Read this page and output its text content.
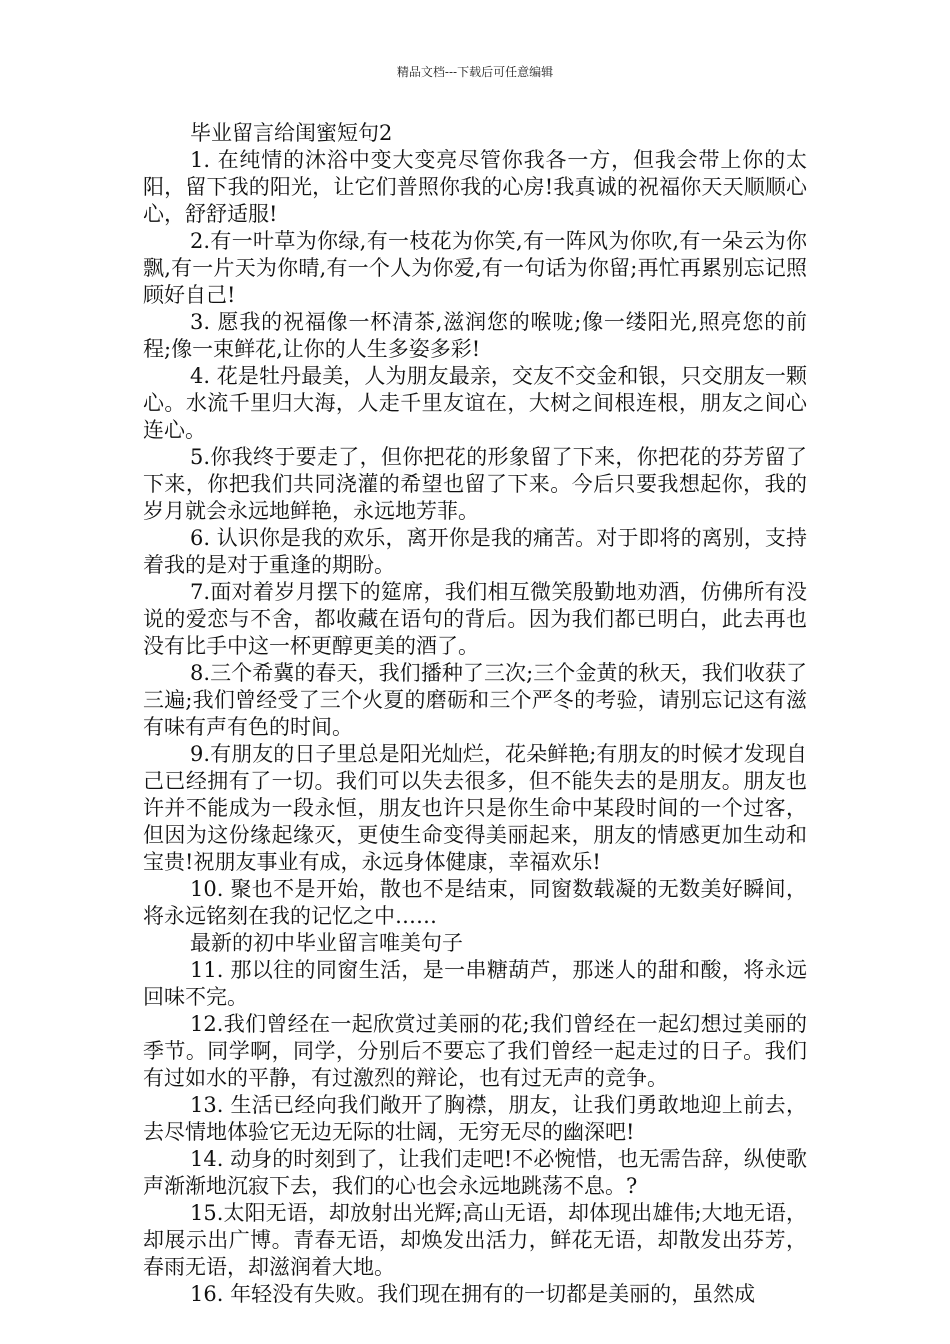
精品文档---下载后可任意编辑

毕业留言给闺蜜短句2

1. 在纯情的沐浴中变大变亮尽管你我各一方，但我会带上你的太阳，留下我的阳光，让它们普照你我的心房!我真诚的祝福你天天顺顺心心，舒舒适服!

2.有一叶草为你绿,有一枝花为你笑,有一阵风为你吹,有一朵云为你飘,有一片天为你晴,有一个人为你爱,有一句话为你留;再忙再累别忘记照顾好自己!

3. 愿我的祝福像一杯清茶,滋润您的喉咙;像一缕阳光,照亮您的前程;像一束鲜花,让你的人生多姿多彩!

4. 花是牡丹最美，人为朋友最亲，交友不交金和银，只交朋友一颗心。水流千里归大海，人走千里友谊在，大树之间根连根，朋友之间心连心。

5.你我终于要走了，但你把花的形象留了下来，你把花的芬芳留了下来，你把我们共同浇灌的希望也留了下来。今后只要我想起你，我的岁月就会永远地鲜艳，永远地芳菲。

6. 认识你是我的欢乐，离开你是我的痛苦。对于即将的离别，支持着我的是对于重逢的期盼。

7.面对着岁月摆下的筵席，我们相互微笑殷勤地劝酒，仿佛所有没说的爱恋与不舍，都收藏在语句的背后。因为我们都已明白，此去再也没有比手中这一杯更醇更美的酒了。

8.三个希冀的春天，我们播种了三次;三个金黄的秋天，我们收获了三遍;我们曾经受了三个火夏的磨砺和三个严冬的考验，请别忘记这有滋有味有声有色的时间。

9.有朋友的日子里总是阳光灿烂，花朵鲜艳;有朋友的时候才发现自己已经拥有了一切。我们可以失去很多，但不能失去的是朋友。朋友也许并不能成为一段永恒，朋友也许只是你生命中某段时间的一个过客，但因为这份缘起缘灭，更使生命变得美丽起来，朋友的情感更加生动和宝贵!祝朋友事业有成，永远身体健康，幸福欢乐!

10. 聚也不是开始，散也不是结束，同窗数载凝的无数美好瞬间，将永远铭刻在我的记忆之中……

最新的初中毕业留言唯美句子

11. 那以往的同窗生活，是一串糖葫芦，那迷人的甜和酸，将永远回味不完。

12.我们曾经在一起欣赏过美丽的花;我们曾经在一起幻想过美丽的季节。同学啊，同学，分别后不要忘了我们曾经一起走过的日子。我们有过如水的平静，有过激烈的辩论，也有过无声的竞争。

13. 生活已经向我们敞开了胸襟，朋友，让我们勇敢地迎上前去，去尽情地体验它无边无际的壮阔，无穷无尽的幽深吧!

14. 动身的时刻到了，让我们走吧!不必惋惜，也无需告辞，纵使歌声渐渐地沉寂下去，我们的心也会永远地跳荡不息。?

15.太阳无语，却放射出光辉;高山无语，却体现出雄伟;大地无语，却展示出广博。青春无语，却焕发出活力，鲜花无语，却散发出芬芳，春雨无语，却滋润着大地。

16. 年轻没有失败。我们现在拥有的一切都是美丽的，虽然成
